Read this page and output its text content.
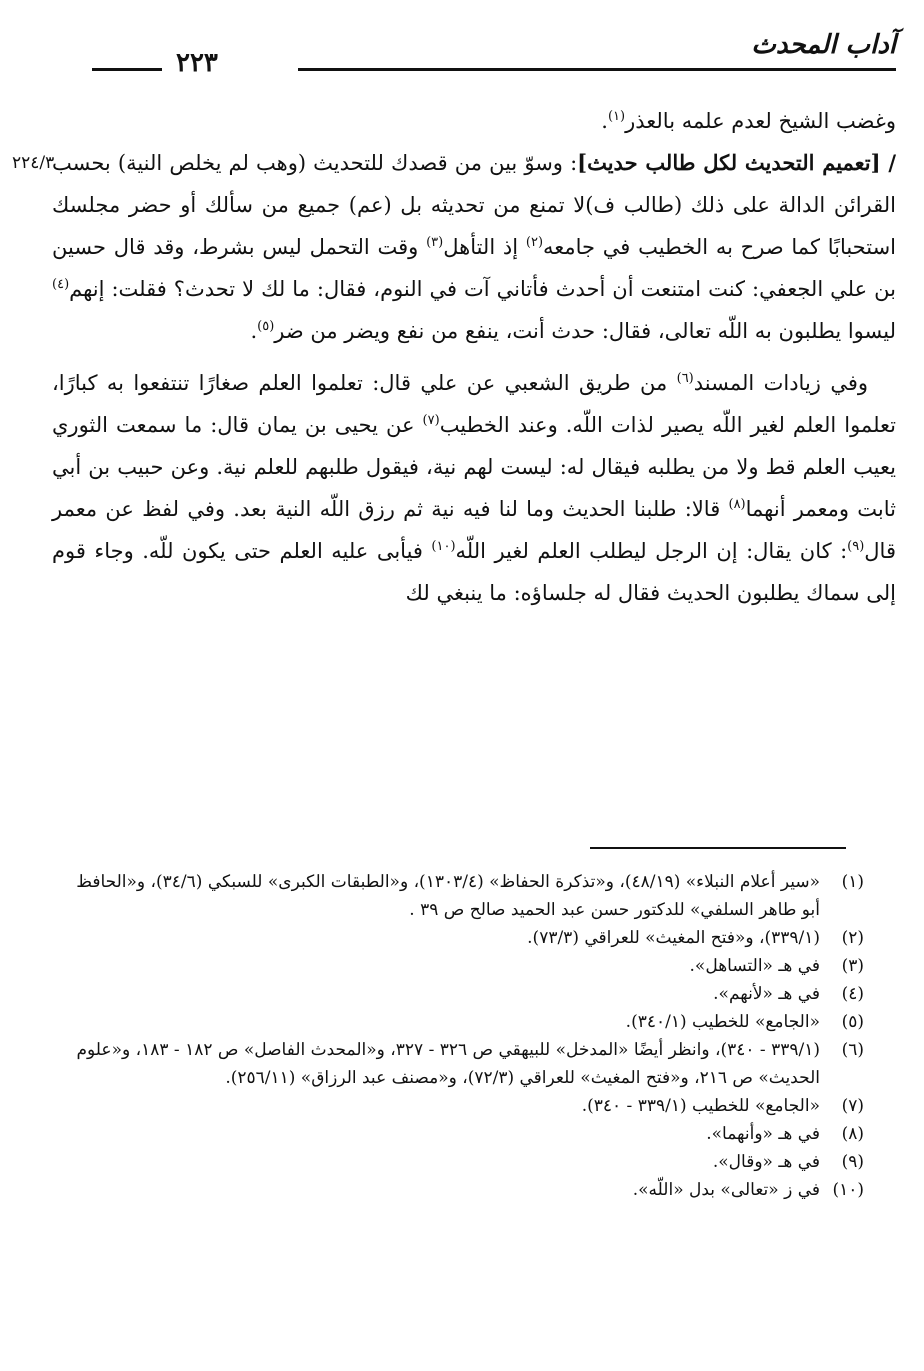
آداب المحدث
٢٢٣

وغضب الشيخ لعدم علمه بالعذر$^{(١)}$.

٢٢٤/٣	/ [تعميم التحديث لكل طالب حديث]: وسوّ بين من قصدك للتحديث (وهب لم يخلص النية) بحسب القرائن الدالة على ذلك (طالب ف)لا تمنع من تحديثه بل (عم) جميع من سألك أو حضر مجلسك استحبابًا كما صرح به الخطيب في جامعه$^{(٢)}$ إذ التأهل$^{(٣)}$ وقت التحمل ليس بشرط، وقد قال حسين بن علي الجعفي: كنت امتنعت أن أحدث فأتاني آت في النوم، فقال: ما لك لا تحدث؟ فقلت: إنهم$^{(٤)}$ ليسوا يطلبون به اللّه تعالى، فقال: حدث أنت، ينفع من نفع ويضر من ضر$^{(٥)}$.

وفي زيادات المسند$^{(٦)}$ من طريق الشعبي عن علي قال: تعلموا العلم صغارًا تنتفعوا به كبارًا، تعلموا العلم لغير اللّه يصير لذات اللّه. وعند الخطيب$^{(٧)}$ عن يحيى بن يمان قال: ما سمعت الثوري يعيب العلم قط ولا من يطلبه فيقال له: ليست لهم نية، فيقول طلبهم للعلم نية. وعن حبيب بن أبي ثابت ومعمر أنهما$^{(٨)}$ قالا: طلبنا الحديث وما لنا فيه نية ثم رزق اللّه النية بعد. وفي لفظ عن معمر قال$^{(٩)}$: كان يقال: إن الرجل ليطلب العلم لغير اللّه$^{(١٠)}$ فيأبى عليه العلم حتى يكون للّه. وجاء قوم إلى سماك يطلبون الحديث فقال له جلساؤه: ما ينبغي لك

(١)«سير أعلام النبلاء» (٤٨/١٩)، و«تذكرة الحفاظ» (١٣٠٣/٤)، و«الطبقات الكبرى» للسبكي (٣٤/٦)، و«الحافظ أبو طاهر السلفي» للدكتور حسن عبد الحميد صالح ص ٣٩ .

(٢)(٣٣٩/١)، و«فتح المغيث» للعراقي (٧٣/٣).

(٣)في هـ «التساهل».

(٤)في هـ «لأنهم».

(٥)«الجامع» للخطيب (٣٤٠/١).

(٦)(٣٣٩/١ - ٣٤٠)، وانظر أيضًا «المدخل» للبيهقي ص ٣٢٦ - ٣٢٧، و«المحدث الفاصل» ص ١٨٢ - ١٨٣، و«علوم الحديث» ص ٢١٦، و«فتح المغيث» للعراقي (٧٢/٣)، و«مصنف عبد الرزاق» (٢٥٦/١١).

(٧)«الجامع» للخطيب (٣٣٩/١ - ٣٤٠).

(٨)في هـ «وأنهما».

(٩)في هـ «وقال».

(١٠)في ز «تعالى» بدل «اللّه».
